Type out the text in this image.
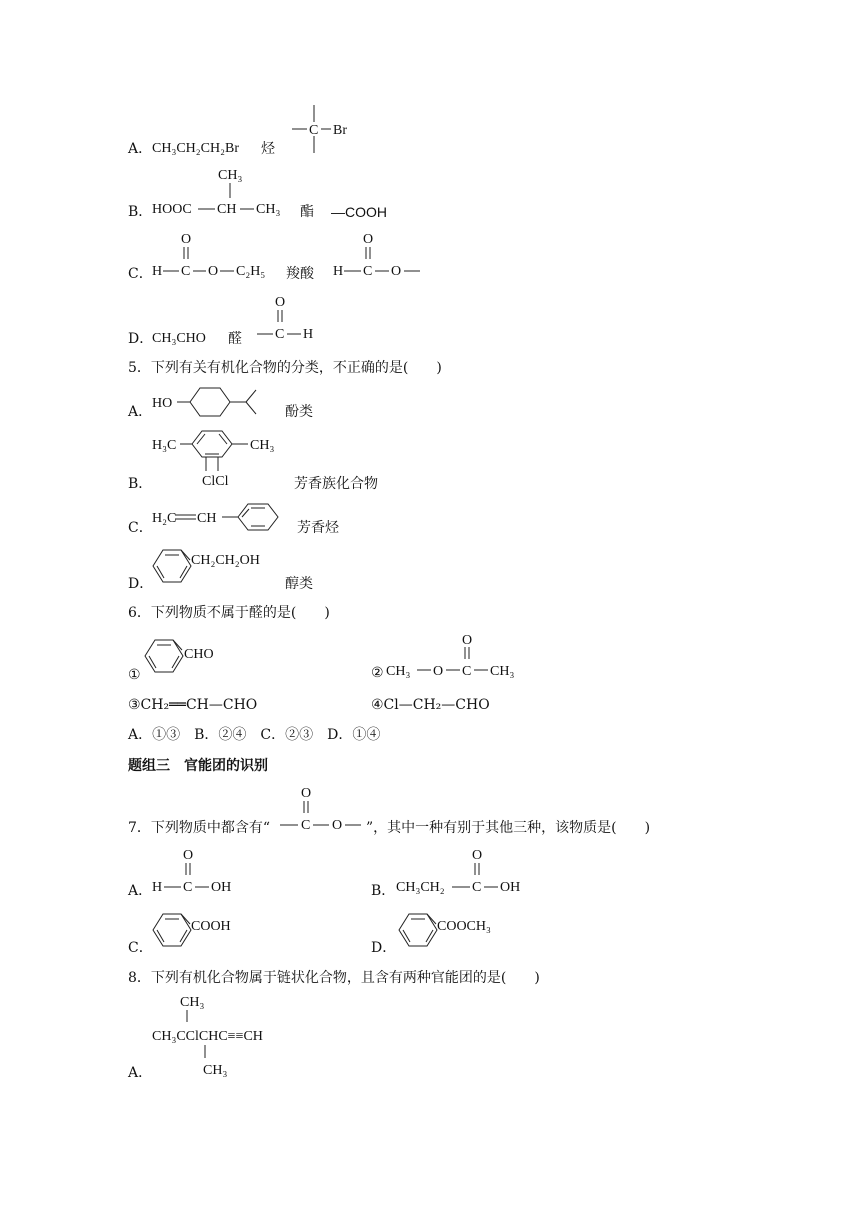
A． CH₃CH₂CH₂Br 烃
C Br
B．
CH₃
HOOC CH CH₃ 酯 —COOH
C．
O
H C O C₂H₅ 羧酸
O
H C O
D．
CH₃CHO 醛
O
C H
5．下列有关有机化合物的分类，不正确的是(　　)
A．
HO
酚类
B．
H₃C	CH₃
ClCl	芳香族化合物
C．
H₂C CH
芳香烃
D．
CH₂CH₂OH
醇类
6．下列物质不属于醛的是(　　)
①
CHO
② CH₃ O C CH₃
O
③CH₂══CH—CHO	④Cl—CH₂—CHO
A．①③　B．②④　C．②③　D．①④
题组三　官能团的识别
7．下列物质中都含有“
O
C O ”，其中一种有别于其他三种，该物质是(　　)
A．
O
H C OH	B．
O
CH₃CH₂ C OH
C．
COOH
D．
COOCH₃
8．下列有机化合物属于链状化合物，且含有两种官能团的是(　　)
CH₃
CH₃CClCHC≡≡CH
CH₃
A．
